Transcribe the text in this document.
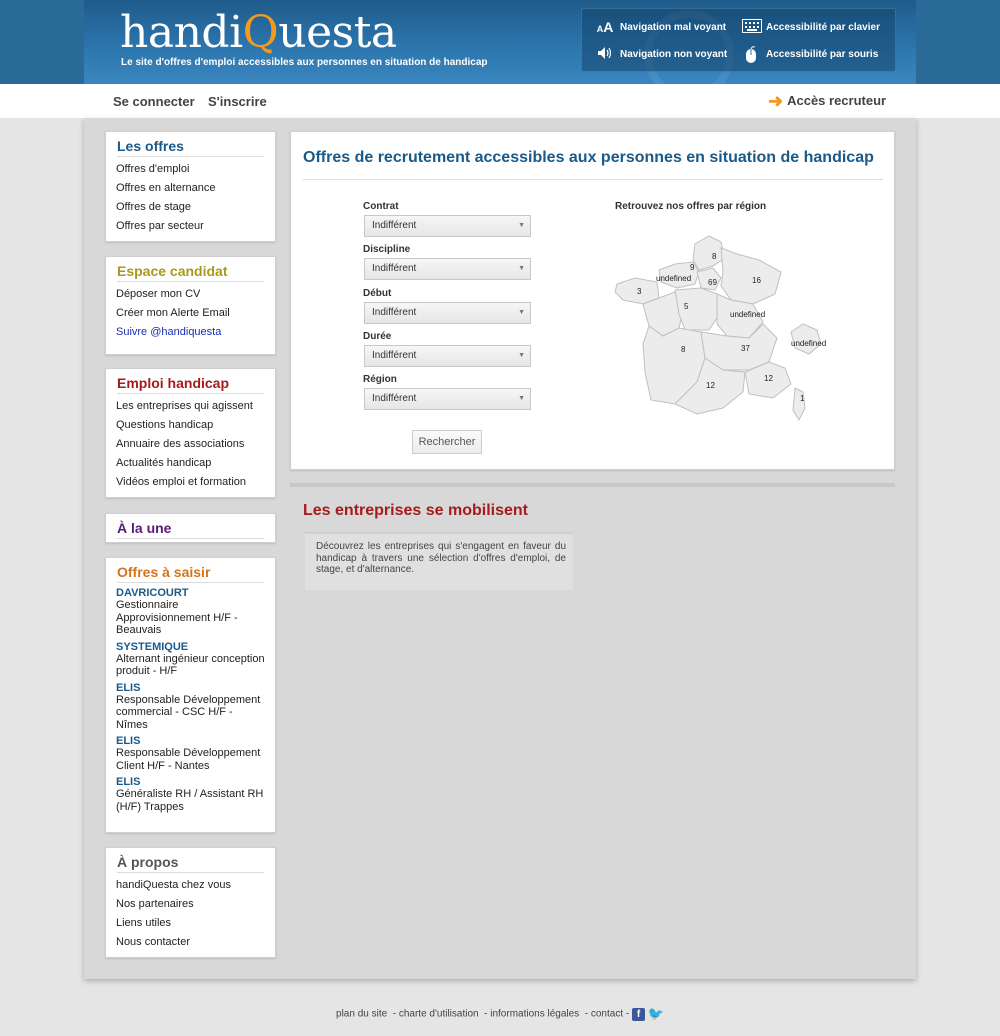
handiQuesta
Le site d'offres d'emploi accessibles aux personnes en situation de handicap
AA Navigation mal voyant	Accessibilité par clavier
Navigation non voyant	Accessibilité par souris
Se connecter S'inscrire	➜ Accès recruteur
Les offres
Offres d'emploi
Offres en alternance
Offres de stage
Offres par secteur
Espace candidat
Déposer mon CV
Créer mon Alerte Email
Suivre @handiquesta
Emploi handicap
Les entreprises qui agissent
Questions handicap
Annuaire des associations
Actualités handicap
Vidéos emploi et formation
À la une
Offres à saisir
DAVRICOURT
Gestionnaire Approvisionnement H/F - Beauvais
SYSTEMIQUE
Alternant ingénieur conception produit - H/F
ELIS
Responsable Développement commercial - CSC H/F - Nîmes
ELIS
Responsable Développement Client H/F - Nantes
ELIS
Généraliste RH / Assistant RH (H/F) Trappes
À propos
handiQuesta chez vous
Nos partenaires
Liens utiles
Nous contacter
Offres de recrutement accessibles aux personnes en situation de handicap
Contrat
Indifférent	▼
Discipline
Indifférent	▼
Début
Indifférent	▼
Durée
Indifférent	▼
Région
Indifférent	▼
Rechercher
Retrouvez nos offres par région
8
9
undefined 69	16
3
5
undefined
37
undefined
8
12
12
1
Les entreprises se mobilisent
Découvrez les entreprises qui s'engagent en faveur du handicap à travers une sélection d'offres d'emploi, de stage, et d'alternance.
plan du site  - charte d'utilisation  - informations légales  - contact - f 🐦
